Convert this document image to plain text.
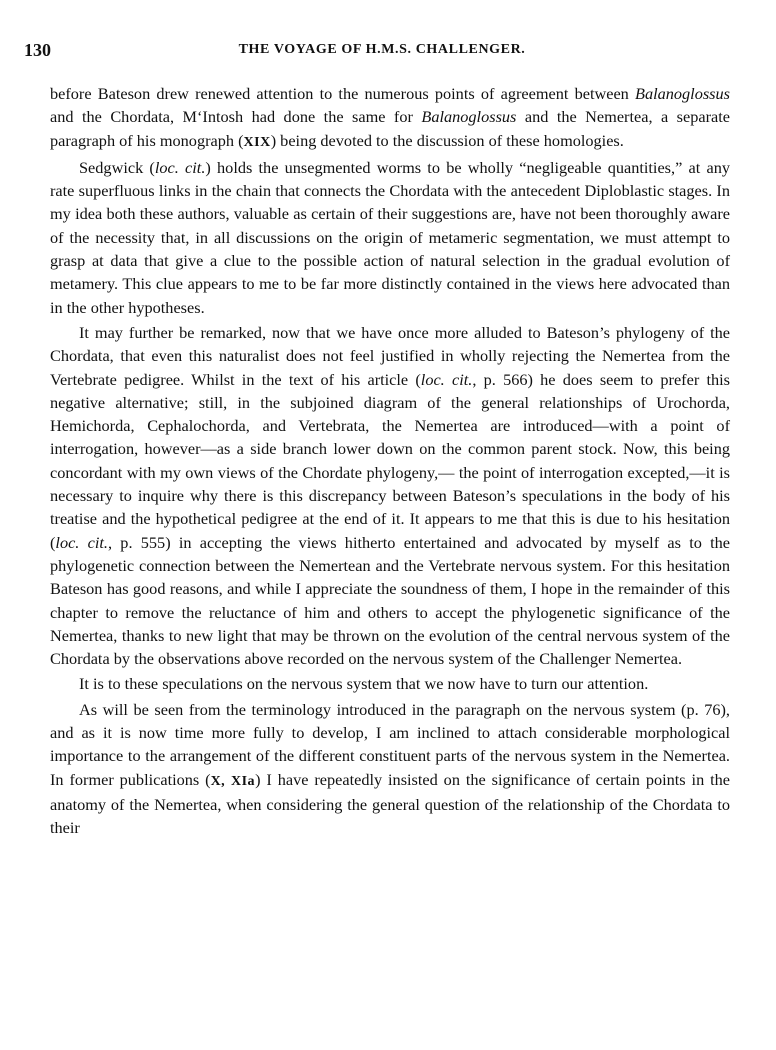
130	THE VOYAGE OF H.M.S. CHALLENGER.

before Bateson drew renewed attention to the numerous points of agreement between Balanoglossus and the Chordata, M‘Intosh had done the same for Balanoglossus and the Nemertea, a separate paragraph of his monograph (XIX) being devoted to the discussion of these homologies.

Sedgwick (loc. cit.) holds the unsegmented worms to be wholly “negligeable quantities,” at any rate superfluous links in the chain that connects the Chordata with the antecedent Diploblastic stages. In my idea both these authors, valuable as certain of their suggestions are, have not been thoroughly aware of the necessity that, in all discussions on the origin of metameric segmentation, we must attempt to grasp at data that give a clue to the possible action of natural selection in the gradual evolution of metamery. This clue appears to me to be far more distinctly contained in the views here advocated than in the other hypotheses.

It may further be remarked, now that we have once more alluded to Bateson’s phylogeny of the Chordata, that even this naturalist does not feel justified in wholly rejecting the Nemertea from the Vertebrate pedigree. Whilst in the text of his article (loc. cit., p. 566) he does seem to prefer this negative alternative; still, in the subjoined diagram of the general relationships of Urochorda, Hemichorda, Cephalochorda, and Vertebrata, the Nemertea are introduced—with a point of interrogation, however—as a side branch lower down on the common parent stock. Now, this being concordant with my own views of the Chordate phylogeny,— the point of interrogation excepted,—it is necessary to inquire why there is this discrepancy between Bateson’s speculations in the body of his treatise and the hypothetical pedigree at the end of it. It appears to me that this is due to his hesitation (loc. cit., p. 555) in accepting the views hitherto entertained and advocated by myself as to the phylogenetic connection between the Nemertean and the Vertebrate nervous system. For this hesitation Bateson has good reasons, and while I appreciate the soundness of them, I hope in the remainder of this chapter to remove the reluctance of him and others to accept the phylogenetic significance of the Nemertea, thanks to new light that may be thrown on the evolution of the central nervous system of the Chordata by the observations above recorded on the nervous system of the Challenger Nemertea.

It is to these speculations on the nervous system that we now have to turn our attention.

As will be seen from the terminology introduced in the paragraph on the nervous system (p. 76), and as it is now time more fully to develop, I am inclined to attach considerable morphological importance to the arrangement of the different constituent parts of the nervous system in the Nemertea. In former publications (X, XIa) I have repeatedly insisted on the significance of certain points in the anatomy of the Nemertea, when considering the general question of the relationship of the Chordata to their
